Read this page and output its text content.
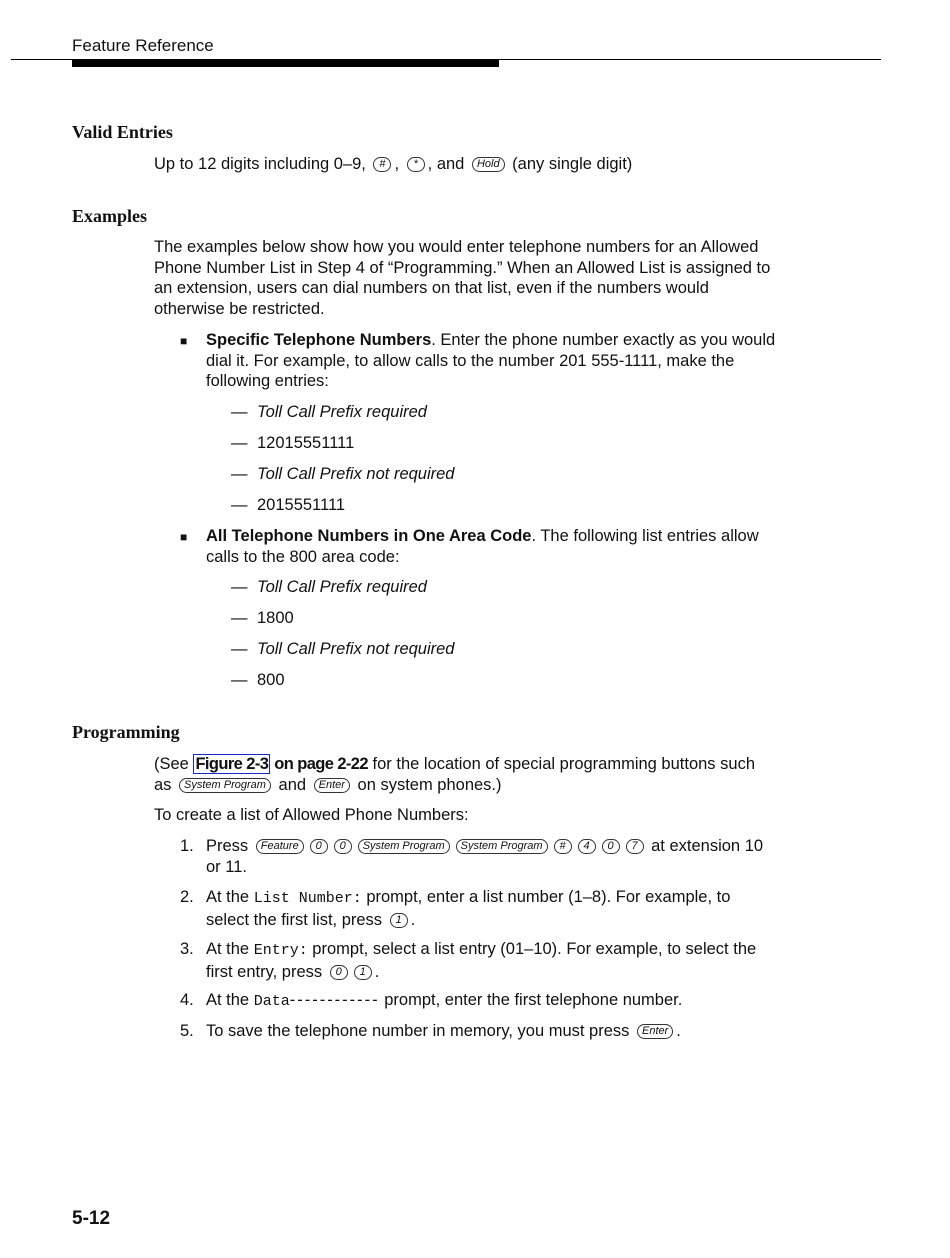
Feature Reference
Valid Entries

Up to 12 digits including 0–9, # , * , and Hold (any single digit)

Examples

The examples below show how you would enter telephone numbers for an Allowed Phone Number List in Step 4 of “Programming.” When an Allowed List is assigned to an extension, users can dial numbers on that list, even if the numbers would otherwise be restricted.

■ Specific Telephone Numbers. Enter the phone number exactly as you would dial it. For example, to allow calls to the number 201 555-1111, make the following entries:
— Toll Call Prefix required
— 12015551111
— Toll Call Prefix not required
— 2015551111
■ All Telephone Numbers in One Area Code. The following list entries allow calls to the 800 area code:
— Toll Call Prefix required
— 1800
— Toll Call Prefix not required
— 800
Programming

(See Figure 2-3 on page 2-22 for the location of special programming buttons such as System Program and Enter on system phones.)

To create a list of Allowed Phone Numbers:

1. Press Feature 0 0 System Program System Program # 4 0 7 at extension 10 or 11.
2. At the List Number: prompt, enter a list number (1–8). For example, to select the first list, press 1 .
3. At the Entry: prompt, select a list entry (01–10). For example, to select the first entry, press 0 1 .
4. At the Data------------ prompt, enter the first telephone number.
5. To save the telephone number in memory, you must press Enter .
5-12
